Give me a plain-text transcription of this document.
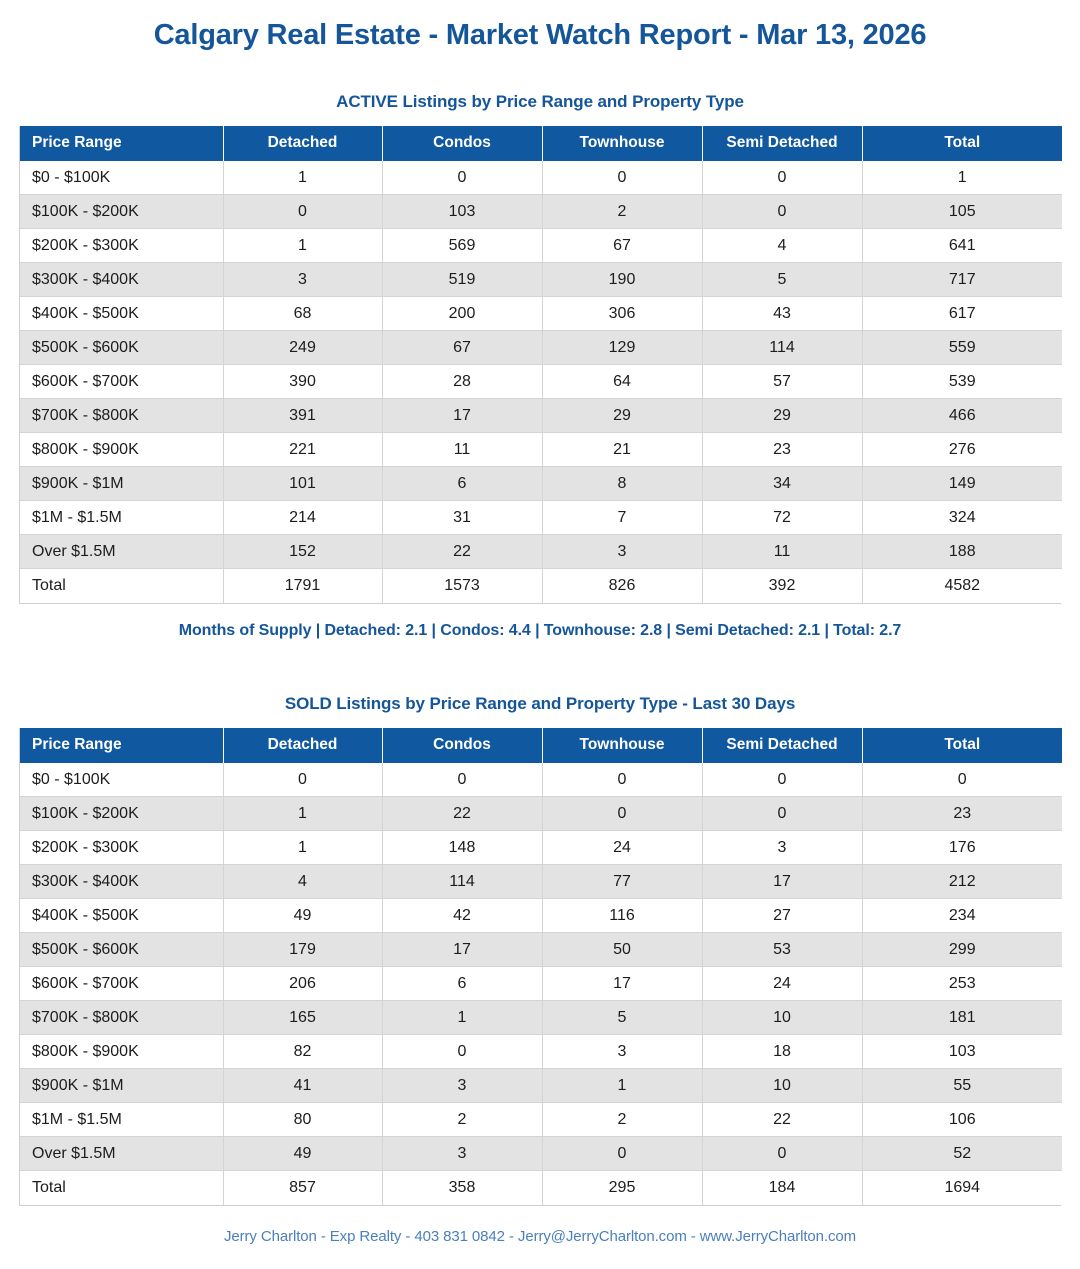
Calgary Real Estate - Market Watch Report - Mar 13, 2026
ACTIVE Listings by Price Range and Property Type
Price Range	Detached	Condos	Townhouse	Semi Detached	Total
$0 - $100K	1	0	0	0	1
$100K - $200K	0	103	2	0	105
$200K - $300K	1	569	67	4	641
$300K - $400K	3	519	190	5	717
$400K - $500K	68	200	306	43	617
$500K - $600K	249	67	129	114	559
$600K - $700K	390	28	64	57	539
$700K - $800K	391	17	29	29	466
$800K - $900K	221	11	21	23	276
$900K - $1M	101	6	8	34	149
$1M - $1.5M	214	31	7	72	324
Over $1.5M	152	22	3	11	188
Total	1791	1573	826	392	4582
Months of Supply | Detached: 2.1 | Condos: 4.4 | Townhouse: 2.8 | Semi Detached: 2.1 | Total: 2.7
SOLD Listings by Price Range and Property Type - Last 30 Days
Price Range	Detached	Condos	Townhouse	Semi Detached	Total
$0 - $100K	0	0	0	0	0
$100K - $200K	1	22	0	0	23
$200K - $300K	1	148	24	3	176
$300K - $400K	4	114	77	17	212
$400K - $500K	49	42	116	27	234
$500K - $600K	179	17	50	53	299
$600K - $700K	206	6	17	24	253
$700K - $800K	165	1	5	10	181
$800K - $900K	82	0	3	18	103
$900K - $1M	41	3	1	10	55
$1M - $1.5M	80	2	2	22	106
Over $1.5M	49	3	0	0	52
Total	857	358	295	184	1694
Jerry Charlton - Exp Realty - 403 831 0842 - Jerry@JerryCharlton.com - www.JerryCharlton.com
